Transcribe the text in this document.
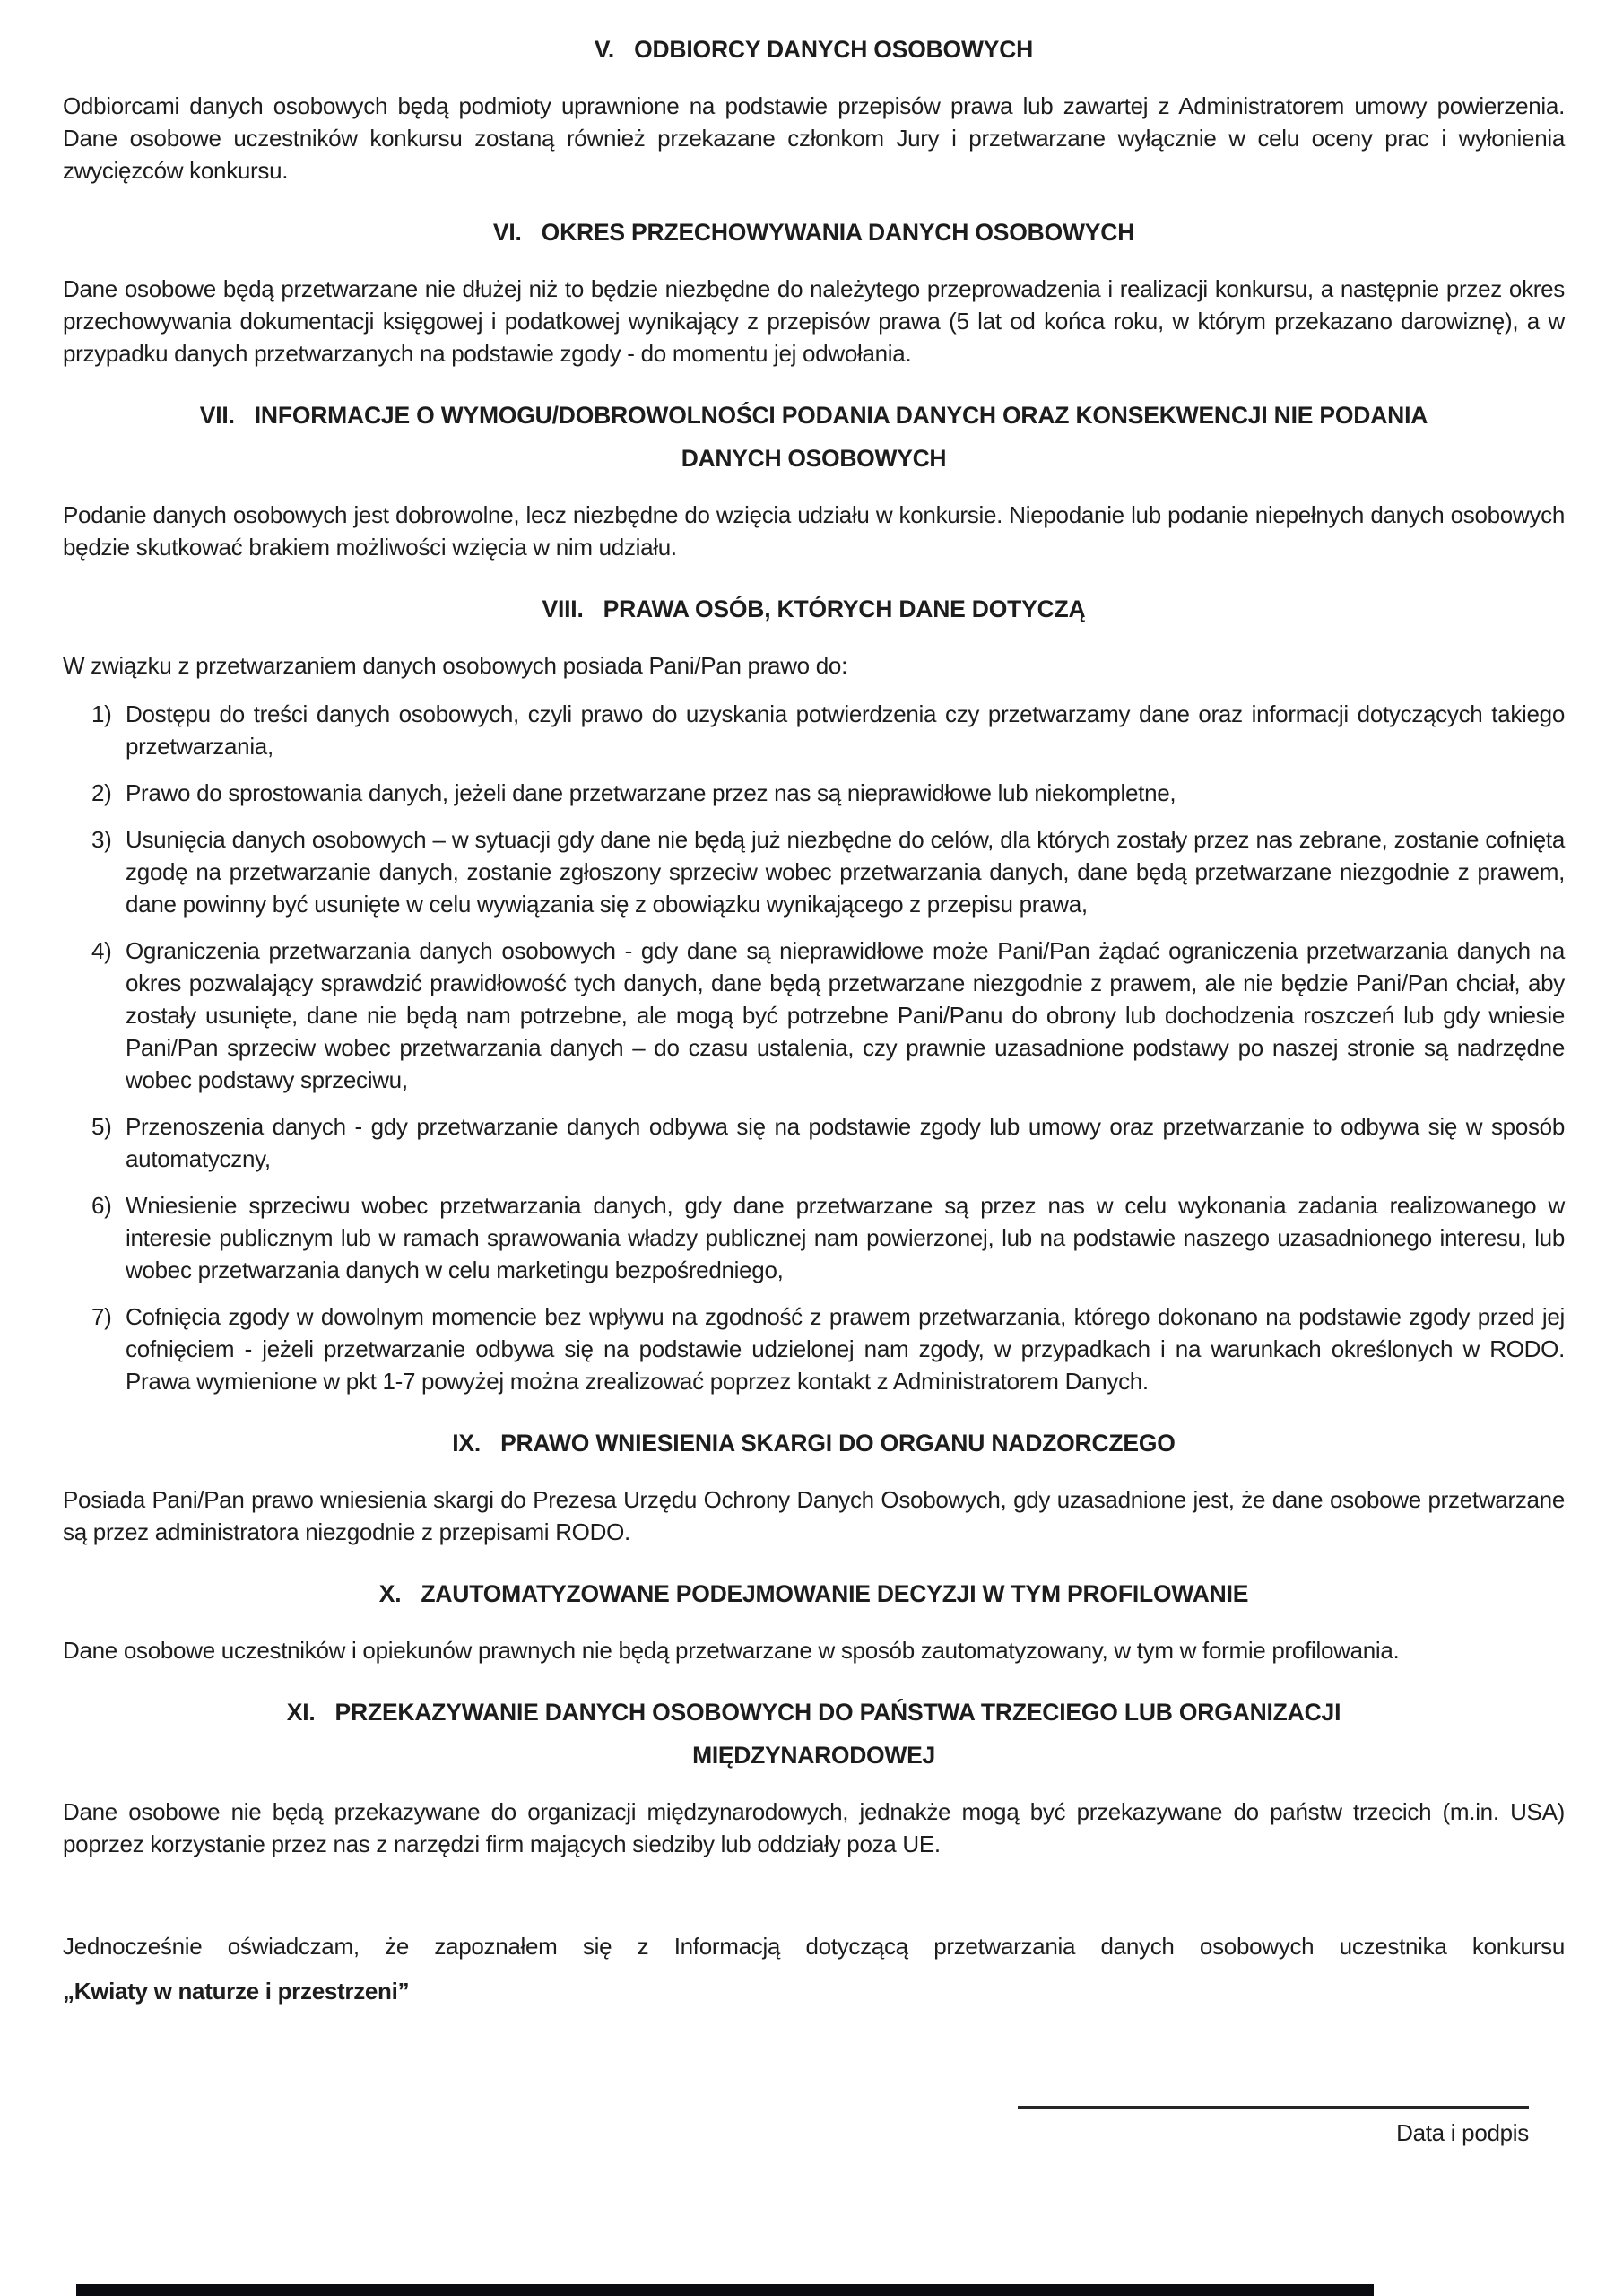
V. ODBIORCY DANYCH OSOBOWYCH

Odbiorcami danych osobowych będą podmioty uprawnione na podstawie przepisów prawa lub zawartej z Administratorem umowy powierzenia. Dane osobowe uczestników konkursu zostaną również przekazane członkom Jury i przetwarzane wyłącznie w celu oceny prac i wyłonienia zwycięzców konkursu.

VI. OKRES PRZECHOWYWANIA DANYCH OSOBOWYCH

Dane osobowe będą przetwarzane nie dłużej niż to będzie niezbędne do należytego przeprowadzenia i realizacji konkursu, a następnie przez okres przechowywania dokumentacji księgowej i podatkowej wynikający z przepisów prawa (5 lat od końca roku, w którym przekazano darowiznę), a w przypadku danych przetwarzanych na podstawie zgody - do momentu jej odwołania.

VII. INFORMACJE O WYMOGU/DOBROWOLNOŚCI PODANIA DANYCH ORAZ KONSEKWENCJI NIE PODANIA
DANYCH OSOBOWYCH

Podanie danych osobowych jest dobrowolne, lecz niezbędne do wzięcia udziału w konkursie. Niepodanie lub podanie niepełnych danych osobowych będzie skutkować brakiem możliwości wzięcia w nim udziału.

VIII. PRAWA OSÓB, KTÓRYCH DANE DOTYCZĄ

W związku z przetwarzaniem danych osobowych posiada Pani/Pan prawo do:

1) Dostępu do treści danych osobowych, czyli prawo do uzyskania potwierdzenia czy przetwarzamy dane oraz informacji dotyczących takiego przetwarzania,
2) Prawo do sprostowania danych, jeżeli dane przetwarzane przez nas są nieprawidłowe lub niekompletne,
3) Usunięcia danych osobowych – w sytuacji gdy dane nie będą już niezbędne do celów, dla których zostały przez nas zebrane, zostanie cofnięta zgodę na przetwarzanie danych, zostanie zgłoszony sprzeciw wobec przetwarzania danych, dane będą przetwarzane niezgodnie z prawem, dane powinny być usunięte w celu wywiązania się z obowiązku wynikającego z przepisu prawa,
4) Ograniczenia przetwarzania danych osobowych - gdy dane są nieprawidłowe może Pani/Pan żądać ograniczenia przetwarzania danych na okres pozwalający sprawdzić prawidłowość tych danych, dane będą przetwarzane niezgodnie z prawem, ale nie będzie Pani/Pan chciał, aby zostały usunięte, dane nie będą nam potrzebne, ale mogą być potrzebne Pani/Panu do obrony lub dochodzenia roszczeń lub gdy wniesie Pani/Pan sprzeciw wobec przetwarzania danych – do czasu ustalenia, czy prawnie uzasadnione podstawy po naszej stronie są nadrzędne wobec podstawy sprzeciwu,
5) Przenoszenia danych - gdy przetwarzanie danych odbywa się na podstawie zgody lub umowy oraz przetwarzanie to odbywa się w sposób automatyczny,
6) Wniesienie sprzeciwu wobec przetwarzania danych, gdy dane przetwarzane są przez nas w celu wykonania zadania realizowanego w interesie publicznym lub w ramach sprawowania władzy publicznej nam powierzonej, lub na podstawie naszego uzasadnionego interesu, lub wobec przetwarzania danych w celu marketingu bezpośredniego,
7) Cofnięcia zgody w dowolnym momencie bez wpływu na zgodność z prawem przetwarzania, którego dokonano na podstawie zgody przed jej cofnięciem - jeżeli przetwarzanie odbywa się na podstawie udzielonej nam zgody, w przypadkach i na warunkach określonych w RODO. Prawa wymienione w pkt 1-7 powyżej można zrealizować poprzez kontakt z Administratorem Danych.
IX. PRAWO WNIESIENIA SKARGI DO ORGANU NADZORCZEGO

Posiada Pani/Pan prawo wniesienia skargi do Prezesa Urzędu Ochrony Danych Osobowych, gdy uzasadnione jest, że dane osobowe przetwarzane są przez administratora niezgodnie z przepisami RODO.

X. ZAUTOMATYZOWANE PODEJMOWANIE DECYZJI W TYM PROFILOWANIE

Dane osobowe uczestników i opiekunów prawnych nie będą przetwarzane w sposób zautomatyzowany, w tym w formie profilowania.

XI. PRZEKAZYWANIE DANYCH OSOBOWYCH DO PAŃSTWA TRZECIEGO LUB ORGANIZACJI
MIĘDZYNARODOWEJ

Dane osobowe nie będą przekazywane do organizacji międzynarodowych, jednakże mogą być przekazywane do państw trzecich (m.in. USA) poprzez korzystanie przez nas z narzędzi firm mających siedziby lub oddziały poza UE.

Jednocześnie oświadczam, że zapoznałem się z Informacją dotyczącą przetwarzania danych osobowych uczestnika konkursu
„Kwiaty w naturze i przestrzeni”
Data i podpis
